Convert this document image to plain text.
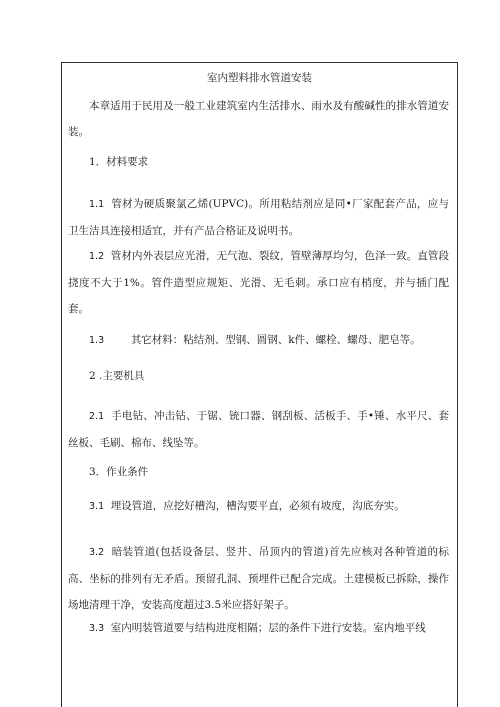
室内塑料排水管道安装

本章适用于民用及一般工业建筑室内生活排水、雨水及有酸碱性的排水管道安装。

1．材料要求

1.1 管材为硬质聚氯乙烯(UPVC)。所用粘结剂应是同•厂家配套产品，应与卫生洁具连接相适宜，并有产品合格证及说明书。

1.2 管材内外表层应光滑，无气泡、裂纹，管壁薄厚均匀，色泽一致。直管段挠度不大于1%。管件造型应规矩、光滑、无毛刺。承口应有梢度，并与插门配套。

1.3	其它材料：粘结剂、型钢、圆钢、k件、螺栓、螺母、肥皂等。

2 .主要机具

2.1 手电钻、冲击钻、于锯、铳口器、钢刮板、活板手、手•锤、水平尺、套丝板、毛刷、棉布、线坠等。

3．作业条件

3.1 埋设管道，应挖好槽沟，槽沟要平直，必须有坡度，沟底夯实。

3.2 暗装管道(包括设备层、竖井、吊顶内的管道)首先应核对各种管道的标高、坐标的排列有无矛盾。预留孔洞、预埋件已配合完成。土建模板已拆除，操作场地清理干净，安装高度超过3.5米应搭好架子。

3.3 室内明装管道要与结构进度相隔；层的条件下进行安装。室内地平线
